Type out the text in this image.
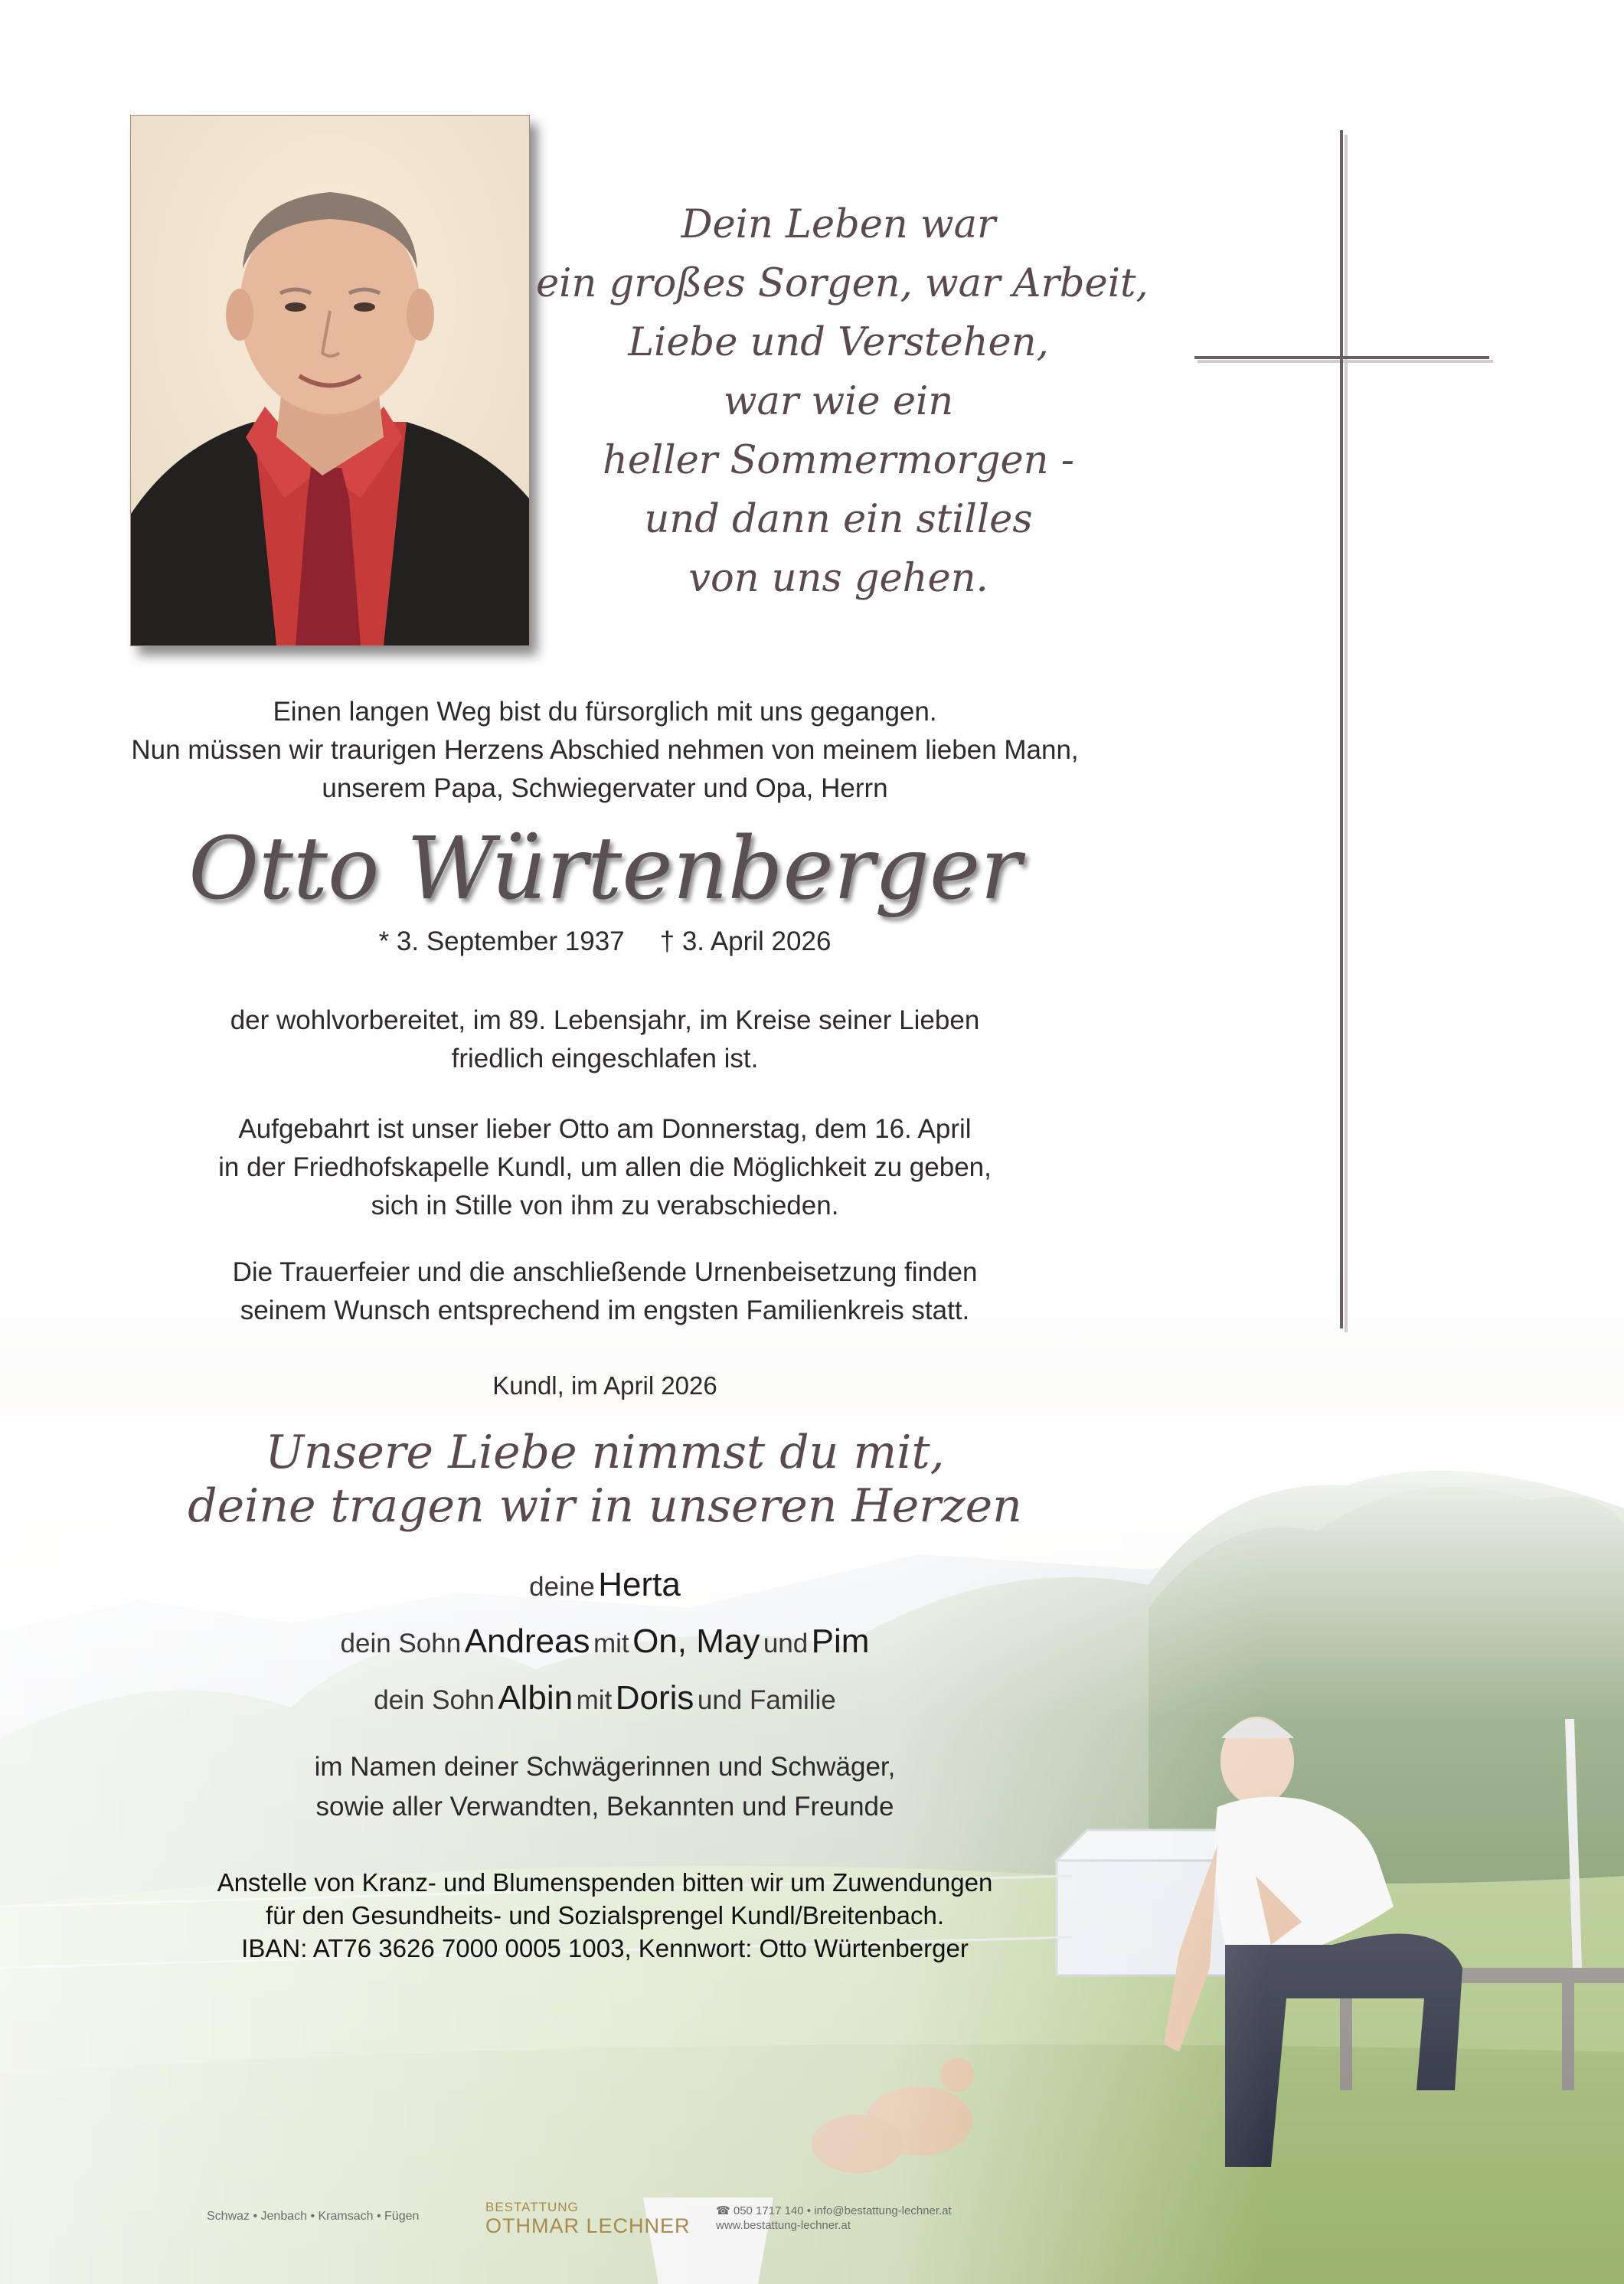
Dein Leben war
ein großes Sorgen, war Arbeit,
Liebe und Verstehen,
war wie ein
heller Sommermorgen -
und dann ein stilles
von uns gehen.
Einen langen Weg bist du fürsorglich mit uns gegangen.
Nun müssen wir traurigen Herzens Abschied nehmen von meinem lieben Mann,
unserem Papa, Schwiegervater und Opa, Herrn
Otto Würtenberger
* 3. September 1937 † 3. April 2026
der wohlvorbereitet, im 89. Lebensjahr, im Kreise seiner Lieben
friedlich eingeschlafen ist.
Aufgebahrt ist unser lieber Otto am Donnerstag, dem 16. April
in der Friedhofskapelle Kundl, um allen die Möglichkeit zu geben,
sich in Stille von ihm zu verabschieden.
Die Trauerfeier und die anschließende Urnenbeisetzung finden
seinem Wunsch entsprechend im engsten Familienkreis statt.
Kundl, im April 2026
Unsere Liebe nimmst du mit,
deine tragen wir in unseren Herzen
deine Herta
dein Sohn Andreas mit On, May und Pim
dein Sohn Albin mit Doris und Familie
im Namen deiner Schwägerinnen und Schwäger,
sowie aller Verwandten, Bekannten und Freunde
Anstelle von Kranz- und Blumenspenden bitten wir um Zuwendungen
für den Gesundheits- und Sozialsprengel Kundl/Breitenbach.
IBAN: AT76 3626 7000 0005 1003, Kennwort: Otto Würtenberger
Schwaz • Jenbach • Kramsach • Fügen
BESTATTUNG
OTHMAR LECHNER
☎ 050 1717 140 • info@bestattung-lechner.at
www.bestattung-lechner.at
